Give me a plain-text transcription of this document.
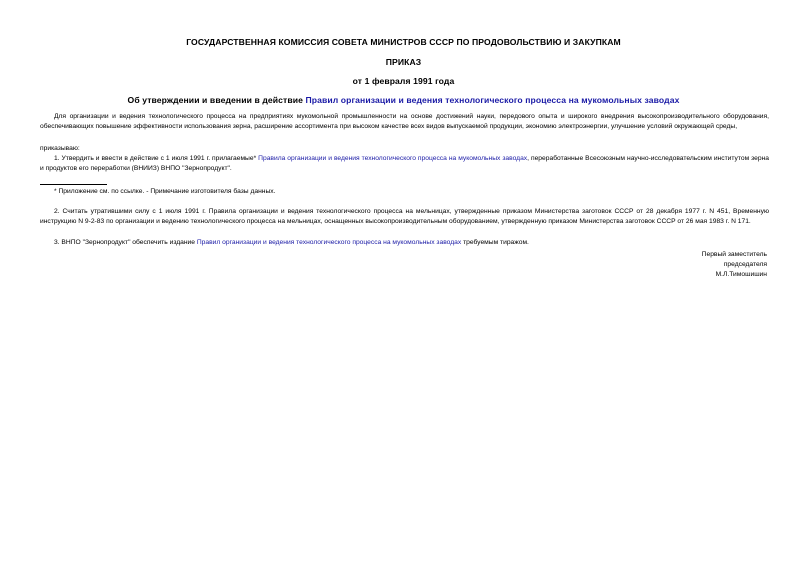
ГОСУДАРСТВЕННАЯ КОМИССИЯ СОВЕТА МИНИСТРОВ СССР ПО ПРОДОВОЛЬСТВИЮ И ЗАКУПКАМ
ПРИКАЗ
от 1 февраля 1991 года
Об утверждении и введении в действие Правил организации и ведения технологического процесса на мукомольных заводах
Для организации и ведения технологического процесса на предприятиях мукомольной промышленности на основе достижений науки, передового опыта и широкого внедрения высокопроизводительного оборудования, обеспечивающих повышение эффективности использования зерна, расширение ассортимента при высоком качестве всех видов выпускаемой продукции, экономию электроэнергии, улучшение условий окружающей среды,
приказываю:
1. Утвердить и ввести в действие с 1 июля 1991 г. прилагаемые* Правила организации и ведения технологического процесса на мукомольных заводах, переработанные Всесоюзным научно-исследовательским институтом зерна и продуктов его переработки (ВНИИЗ) ВНПО "Зернопродукт".
* Приложение см. по ссылке. - Примечание изготовителя базы данных.
2. Считать утратившими силу с 1 июля 1991 г. Правила организации и ведения технологического процесса на мельницах, утвержденные приказом Министерства заготовок СССР от 28 декабря 1977 г. N 451, Временную инструкцию N 9-2-83 по организации и ведению технологического процесса на мельницах, оснащенных высокопроизводительным оборудованием, утвержденную приказом Министерства заготовок СССР от 26 мая 1983 г. N 171.
3. ВНПО "Зернопродукт" обеспечить издание Правил организации и ведения технологического процесса на мукомольных заводах требуемым тиражом.
Первый заместитель
председателя
М.Л.Тимошишин
